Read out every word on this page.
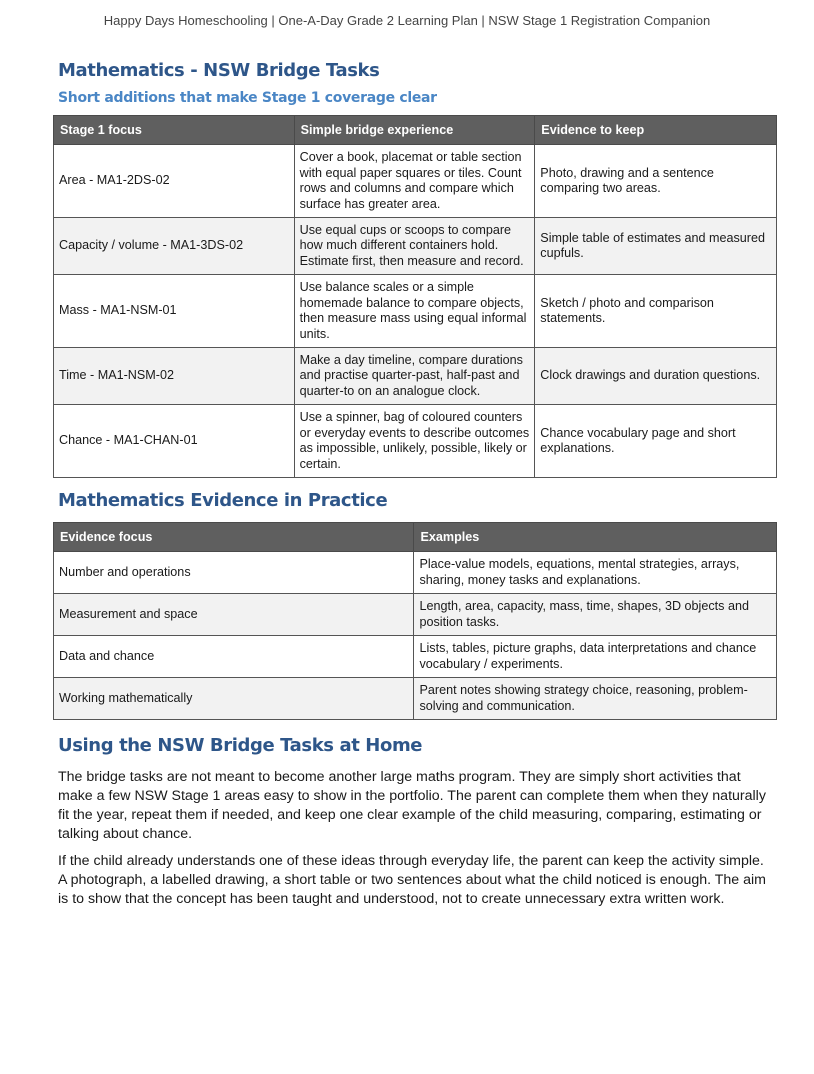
Happy Days Homeschooling | One-A-Day Grade 2 Learning Plan | NSW Stage 1 Registration Companion
Mathematics - NSW Bridge Tasks
Short additions that make Stage 1 coverage clear
Stage 1 focus	Simple bridge experience	Evidence to keep
Area - MA1-2DS-02	Cover a book, placemat or table section with equal paper squares or tiles. Count rows and columns and compare which surface has greater area.	Photo, drawing and a sentence comparing two areas.
Capacity / volume - MA1-3DS-02	Use equal cups or scoops to compare how much different containers hold. Estimate first, then measure and record.	Simple table of estimates and measured cupfuls.
Mass - MA1-NSM-01	Use balance scales or a simple homemade balance to compare objects, then measure mass using equal informal units.	Sketch / photo and comparison statements.
Time - MA1-NSM-02	Make a day timeline, compare durations and practise quarter-past, half-past and quarter-to on an analogue clock.	Clock drawings and duration questions.
Chance - MA1-CHAN-01	Use a spinner, bag of coloured counters or everyday events to describe outcomes as impossible, unlikely, possible, likely or certain.	Chance vocabulary page and short explanations.
Mathematics Evidence in Practice
Evidence focus	Examples
Number and operations	Place-value models, equations, mental strategies, arrays, sharing, money tasks and explanations.
Measurement and space	Length, area, capacity, mass, time, shapes, 3D objects and position tasks.
Data and chance	Lists, tables, picture graphs, data interpretations and chance vocabulary / experiments.
Working mathematically	Parent notes showing strategy choice, reasoning, problem-solving and communication.
Using the NSW Bridge Tasks at Home

The bridge tasks are not meant to become another large maths program. They are simply short activities that make a few NSW Stage 1 areas easy to show in the portfolio. The parent can complete them when they naturally fit the year, repeat them if needed, and keep one clear example of the child measuring, comparing, estimating or talking about chance.

If the child already understands one of these ideas through everyday life, the parent can keep the activity simple. A photograph, a labelled drawing, a short table or two sentences about what the child noticed is enough. The aim is to show that the concept has been taught and understood, not to create unnecessary extra written work.
